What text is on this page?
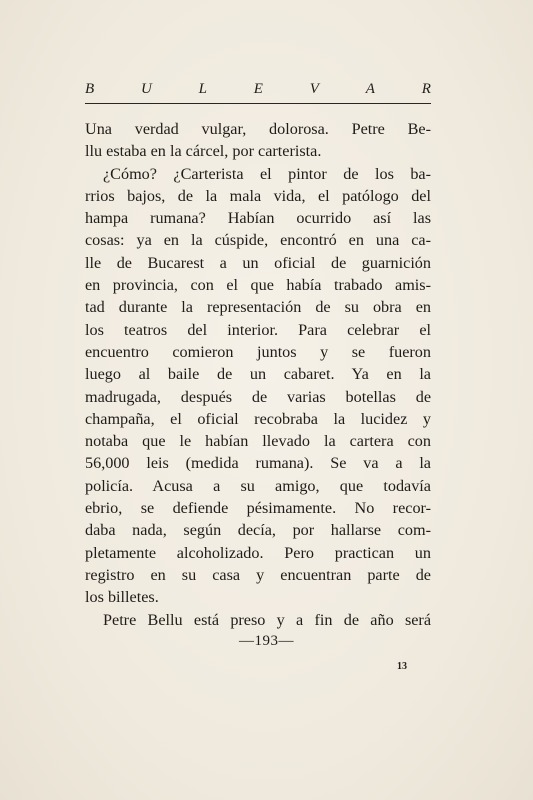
B	U	L	E	V	A	R
Una verdad vulgar, dolorosa. Petre Be-
llu estaba en la cárcel, por carterista.
¿Cómo? ¿Carterista el pintor de los ba-
rrios bajos, de la mala vida, el patólogo del
hampa rumana? Habían ocurrido así las
cosas: ya en la cúspide, encontró en una ca-
lle de Bucarest a un oficial de guarnición
en provincia, con el que había trabado amis-
tad durante la representación de su obra en
los teatros del interior. Para celebrar el
encuentro comieron juntos y se fueron
luego al baile de un cabaret. Ya en la
madrugada, después de varias botellas de
champaña, el oficial recobraba la lucidez y
notaba que le habían llevado la cartera con
56,000 leis (medida rumana). Se va a la
policía. Acusa a su amigo, que todavía
ebrio, se defiende pésimamente. No recor-
daba nada, según decía, por hallarse com-
pletamente alcoholizado. Pero practican un
registro en su casa y encuentran parte de
los billetes.
Petre Bellu está preso y a fin de año será
—193—
13
